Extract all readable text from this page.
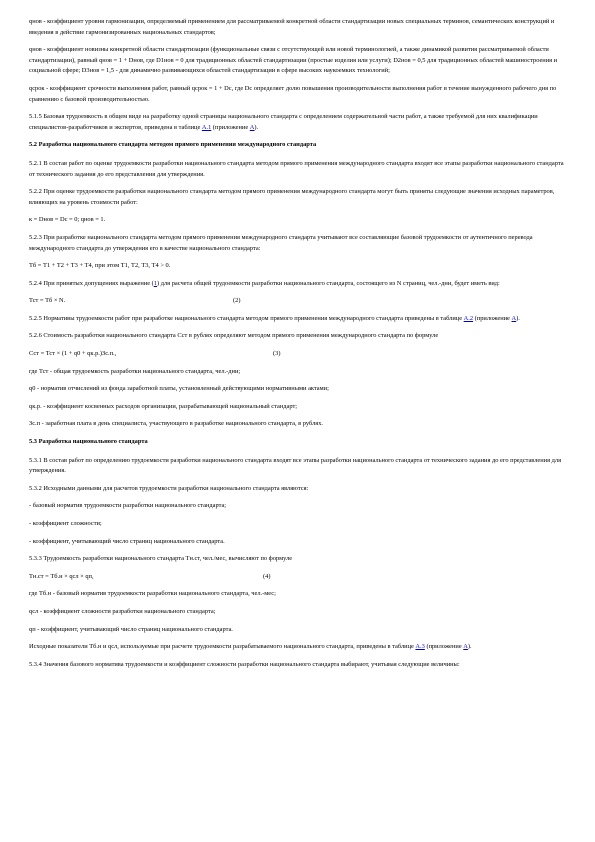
qнов - коэффициент уровня гармонизации, определяемый применением для рассматриваемой конкретной области стандартизации новых специальных терминов, семантических конструкций и введения в действие гармонизированных национальных стандартов;

qнов - коэффициент новизны конкретной области стандартизации (функциональные связи с отсутствующей или новой терминологией, а также динамикой развития рассматриваемой области стандартизации), равный qнов = 1 + Dнов, где D1нов = 0 для традиционных областей стандартизации (простые изделия или услуги); D2нов = 0,5 для традиционных областей машиностроения и социальной сфере; D3нов = 1,5 - для динамично развивающихся областей стандартизации в сфере высоких наукоемких технологий;

qсрок - коэффициент срочности выполнения работ, равный qсрок = 1 + Dс, где Dс определяет долю повышения производительности выполнения работ в течение вынужденного рабочего дня по сравнению с базовой производительностью.

5.1.5 Базовая трудоемкость в общем виде на разработку одной страницы национального стандарта с определением содержательной части работ, а также требуемой для них квалификации специалистов-разработчиков и экспертов, приведена в таблице А.1 (приложение А).

5.2 Разработка национального стандарта методом прямого применения международного стандарта

5.2.1 В состав работ по оценке трудоемкости разработки национального стандарта методом прямого применения международного стандарта входят все этапы разработки национального стандарта от технического задания до его представления для утверждения.

5.2.2 При оценке трудоемкости разработки национального стандарта методом прямого применения международного стандарта могут быть приняты следующие значения исходных параметров, влияющих на уровень стоимости работ:

к = Dнов = Dс = 0; qнов = 1.

5.2.3 При разработке национального стандарта методом прямого применения международного стандарта учитывают все составляющие базовой трудоемкости от аутентичного перевода международного стандарта до утверждения его в качестве национального стандарта:

Тб = Т1 + Т2 + Т3 + Т4, при этом Т1, Т2, Т3, Т4 > 0.

5.2.4 При принятых допущениях выражение (1) для расчета общей трудоемкости разработки национального стандарта, состоящего из N страниц, чел.-дни, будет иметь вид:

Тст = Тб × N.	(2)

5.2.5 Нормативы трудоемкости работ при разработке национального стандарта методом прямого применения международного стандарта приведены в таблице А.2 (приложение А).

5.2.6 Стоимость разработки национального стандарта Сст в рублях определяют методом прямого применения международного стандарта по формуле

Сст = Тст × (1 + q0 + qк.р.)Зс.п.,	(3)

где Тст - общая трудоемкость разработки национального стандарта, чел.-дни;

q0 - норматив отчислений из фонда заработной платы, установленный действующими нормативными актами;

qк.р. - коэффициент косвенных расходов организации, разрабатывающей национальный стандарт;

Зс.п - заработная плата в день специалиста, участвующего в разработке национального стандарта, в рублях.

5.3 Разработка национального стандарта

5.3.1 В состав работ по определению трудоемкости разработки национального стандарта входят все этапы разработки национального стандарта от технического задания до его представления для утверждения.

5.3.2 Исходными данными для расчетов трудоемкости разработки национального стандарта являются:

- базовый норматив трудоемкости разработки национального стандарта;

- коэффициент сложности;

- коэффициент, учитывающий число страниц национального стандарта.

5.3.3 Трудоемкость разработки национального стандарта Тн.ст, чел./мес, вычисляют по формуле

Тн.ст = Тб.н × qсл × qп,	(4)

где Тб.н - базовый норматив трудоемкости разработки национального стандарта, чел.-мес;

qсл - коэффициент сложности разработки национального стандарта;

qп - коэффициент, учитывающий число страниц национального стандарта.

Исходные показатели Тб.н и qсл, используемые при расчете трудоемкости разрабатываемого национального стандарта, приведены в таблице А.3 (приложение А).

5.3.4 Значения базового норматива трудоемкости и коэффициент сложности разработки национального стандарта выбирают, учитывая следующие величины:
